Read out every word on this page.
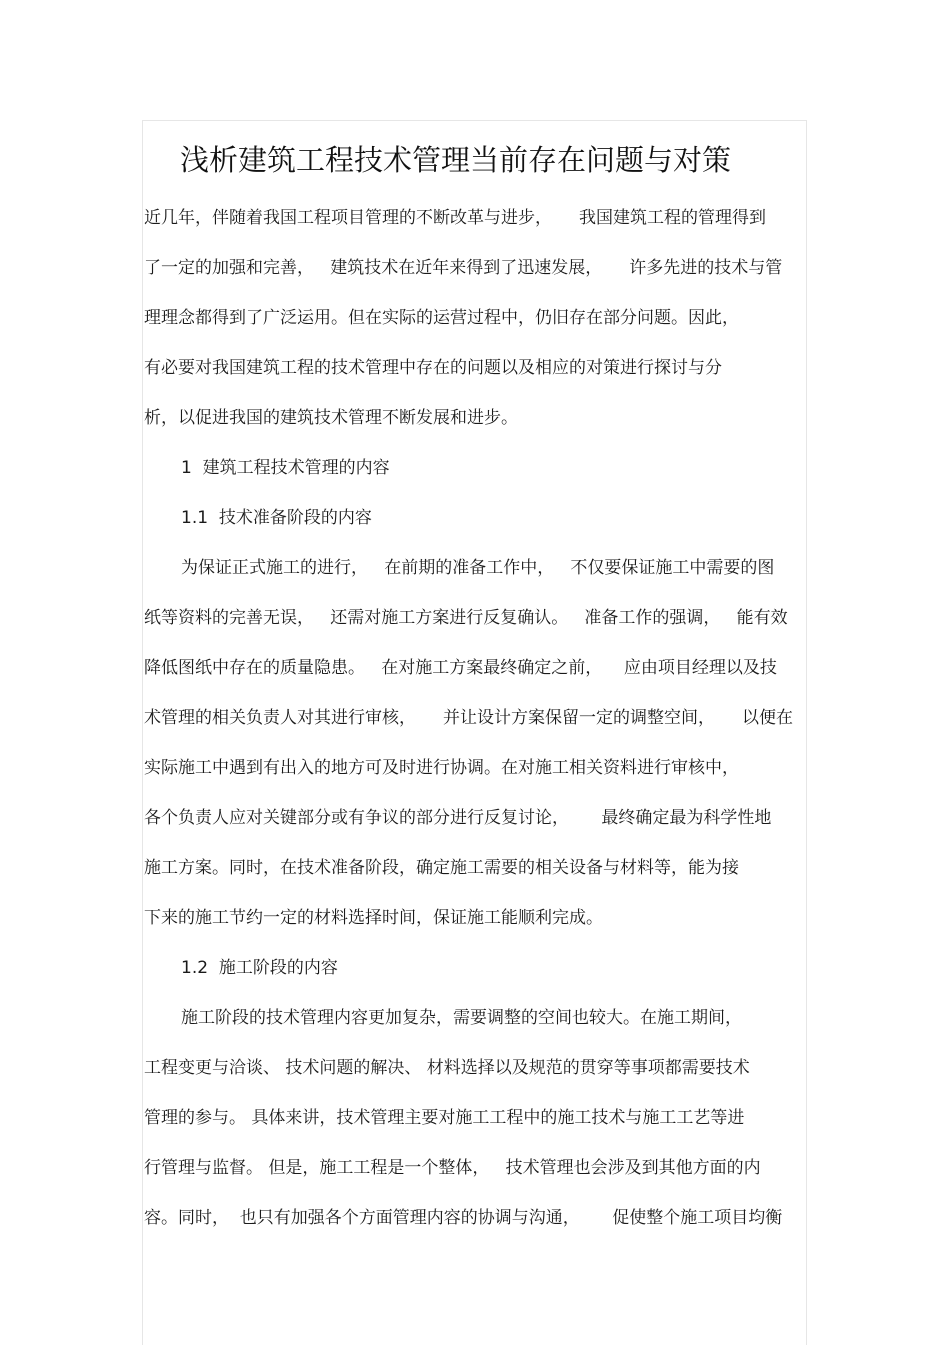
浅析建筑工程技术管理当前存在问题与对策
近几年，伴随着我国工程项目管理的不断改革与进步，     我国建筑工程的管理得到
了一定的加强和完善，   建筑技术在近年来得到了迅速发展，     许多先进的技术与管
理理念都得到了广泛运用。但在实际的运营过程中，仍旧存在部分问题。因此，
有必要对我国建筑工程的技术管理中存在的问题以及相应的对策进行探讨与分
析，以促进我国的建筑技术管理不断发展和进步。
1  建筑工程技术管理的内容
1.1  技术准备阶段的内容
为保证正式施工的进行，   在前期的准备工作中，   不仅要保证施工中需要的图
纸等资料的完善无误，   还需对施工方案进行反复确认。   准备工作的强调，   能有效
降低图纸中存在的质量隐患。   在对施工方案最终确定之前，    应由项目经理以及技
术管理的相关负责人对其进行审核，     并让设计方案保留一定的调整空间，     以便在
实际施工中遇到有出入的地方可及时进行协调。在对施工相关资料进行审核中，
各个负责人应对关键部分或有争议的部分进行反复讨论，      最终确定最为科学性地
施工方案。同时，在技术准备阶段，确定施工需要的相关设备与材料等，能为接
下来的施工节约一定的材料选择时间，保证施工能顺利完成。
1.2  施工阶段的内容
施工阶段的技术管理内容更加复杂，需要调整的空间也较大。在施工期间，
工程变更与洽谈、 技术问题的解决、 材料选择以及规范的贯穿等事项都需要技术
管理的参与。 具体来讲，技术管理主要对施工工程中的施工技术与施工工艺等进
行管理与监督。 但是，施工工程是一个整体，   技术管理也会涉及到其他方面的内
容。同时，  也只有加强各个方面管理内容的协调与沟通，      促使整个施工项目均衡
